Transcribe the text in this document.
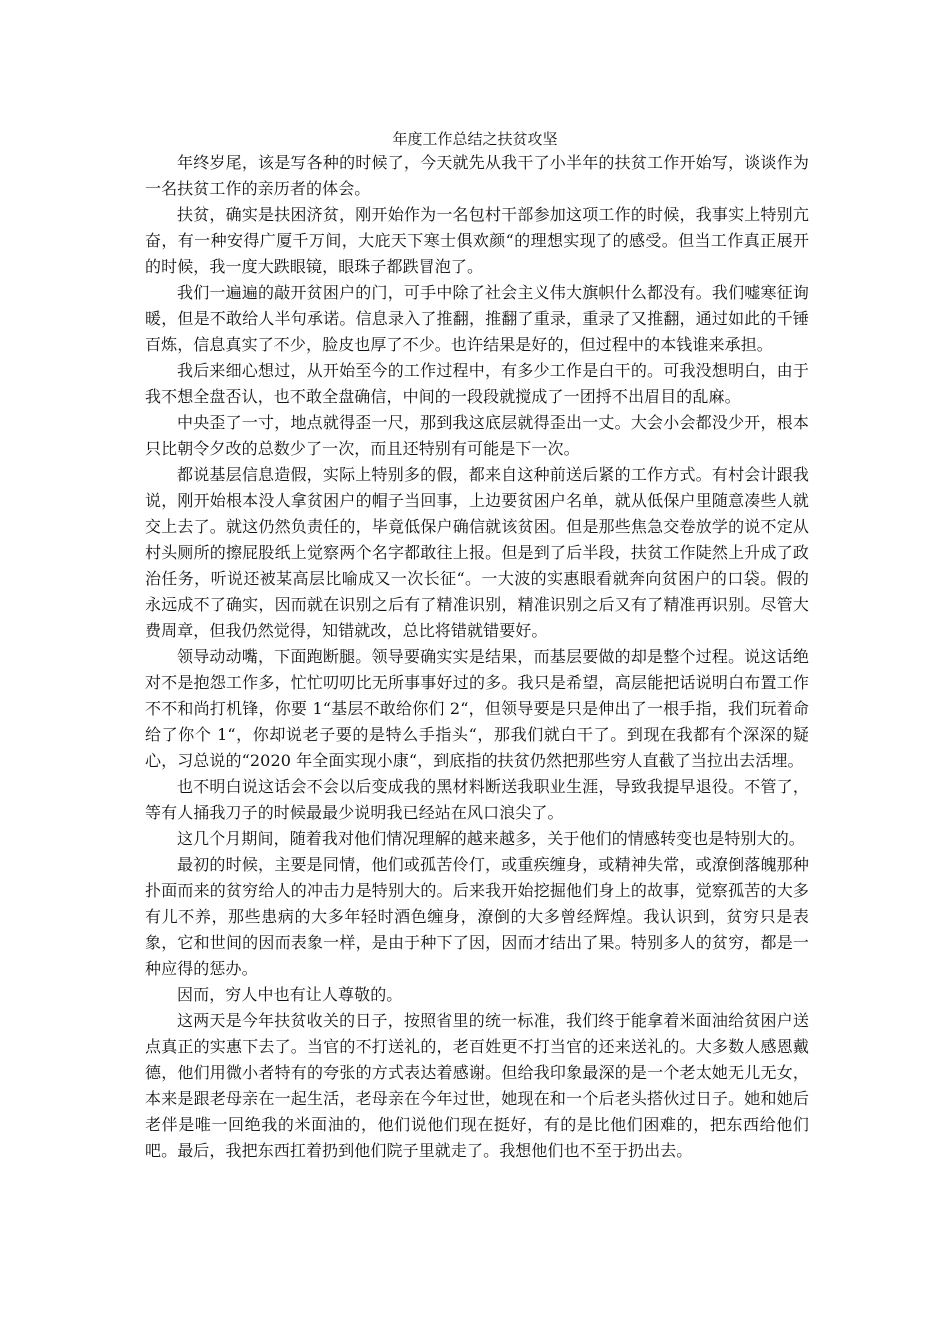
年度工作总结之扶贫攻坚

年终岁尾，该是写各种的时候了，今天就先从我干了小半年的扶贫工作开始写，谈谈作为一名扶贫工作的亲历者的体会。

扶贫，确实是扶困济贫，刚开始作为一名包村干部参加这项工作的时候，我事实上特别亢奋，有一种安得广厦千万间，大庇天下寒士俱欢颜“的理想实现了的感受。但当工作真正展开的时候，我一度大跌眼镜，眼珠子都跌冒泡了。

我们一遍遍的敲开贫困户的门，可手中除了社会主义伟大旗帜什么都没有。我们嘘寒征询暖，但是不敢给人半句承诺。信息录入了推翻，推翻了重录，重录了又推翻，通过如此的千锤百炼，信息真实了不少，脸皮也厚了不少。也许结果是好的，但过程中的本钱谁来承担。

我后来细心想过，从开始至今的工作过程中，有多少工作是白干的。可我没想明白，由于我不想全盘否认，也不敢全盘确信，中间的一段段就搅成了一团捋不出眉目的乱麻。

中央歪了一寸，地点就得歪一尺，那到我这底层就得歪出一丈。大会小会都没少开，根本只比朝令夕改的总数少了一次，而且还特别有可能是下一次。

都说基层信息造假，实际上特别多的假，都来自这种前送后紧的工作方式。有村会计跟我说，刚开始根本没人拿贫困户的帽子当回事，上边要贫困户名单，就从低保户里随意凑些人就交上去了。就这仍然负责任的，毕竟低保户确信就该贫困。但是那些焦急交卷放学的说不定从村头厕所的擦屁股纸上觉察两个名字都敢往上报。但是到了后半段，扶贫工作陡然上升成了政治任务，听说还被某高层比喻成又一次长征“。一大波的实惠眼看就奔向贫困户的口袋。假的永远成不了确实，因而就在识别之后有了精准识别，精准识别之后又有了精准再识别。尽管大费周章，但我仍然觉得，知错就改，总比将错就错要好。

领导动动嘴，下面跑断腿。领导要确实实是结果，而基层要做的却是整个过程。说这话绝对不是抱怨工作多，忙忙叨叨比无所事事好过的多。我只是希望，高层能把话说明白布置工作不不和尚打机锋，你要 1“基层不敢给你们 2“，但领导要是只是伸出了一根手指，我们玩着命给了你个 1“，你却说老子要的是特么手指头“，那我们就白干了。到现在我都有个深深的疑心，习总说的“2020 年全面实现小康“，到底指的扶贫仍然把那些穷人直截了当拉出去活埋。

也不明白说这话会不会以后变成我的黑材料断送我职业生涯，导致我提早退役。不管了，等有人捅我刀子的时候最最少说明我已经站在风口浪尖了。

这几个月期间，随着我对他们情况理解的越来越多，关于他们的情感转变也是特别大的。

最初的时候，主要是同情，他们或孤苦伶仃，或重疾缠身，或精神失常，或潦倒落魄那种扑面而来的贫穷给人的冲击力是特别大的。后来我开始挖掘他们身上的故事，觉察孤苦的大多有儿不养，那些患病的大多年轻时酒色缠身，潦倒的大多曾经辉煌。我认识到，贫穷只是表象，它和世间的因而表象一样，是由于种下了因，因而才结出了果。特别多人的贫穷，都是一种应得的惩办。

因而，穷人中也有让人尊敬的。

这两天是今年扶贫收关的日子，按照省里的统一标准，我们终于能拿着米面油给贫困户送点真正的实惠下去了。当官的不打送礼的，老百姓更不打当官的还来送礼的。大多数人感恩戴德，他们用微小者特有的夸张的方式表达着感谢。但给我印象最深的是一个老太她无儿无女，本来是跟老母亲在一起生活，老母亲在今年过世，她现在和一个后老头搭伙过日子。她和她后老伴是唯一回绝我的米面油的，他们说他们现在挺好，有的是比他们困难的，把东西给他们吧。最后，我把东西扛着扔到他们院子里就走了。我想他们也不至于扔出去。
